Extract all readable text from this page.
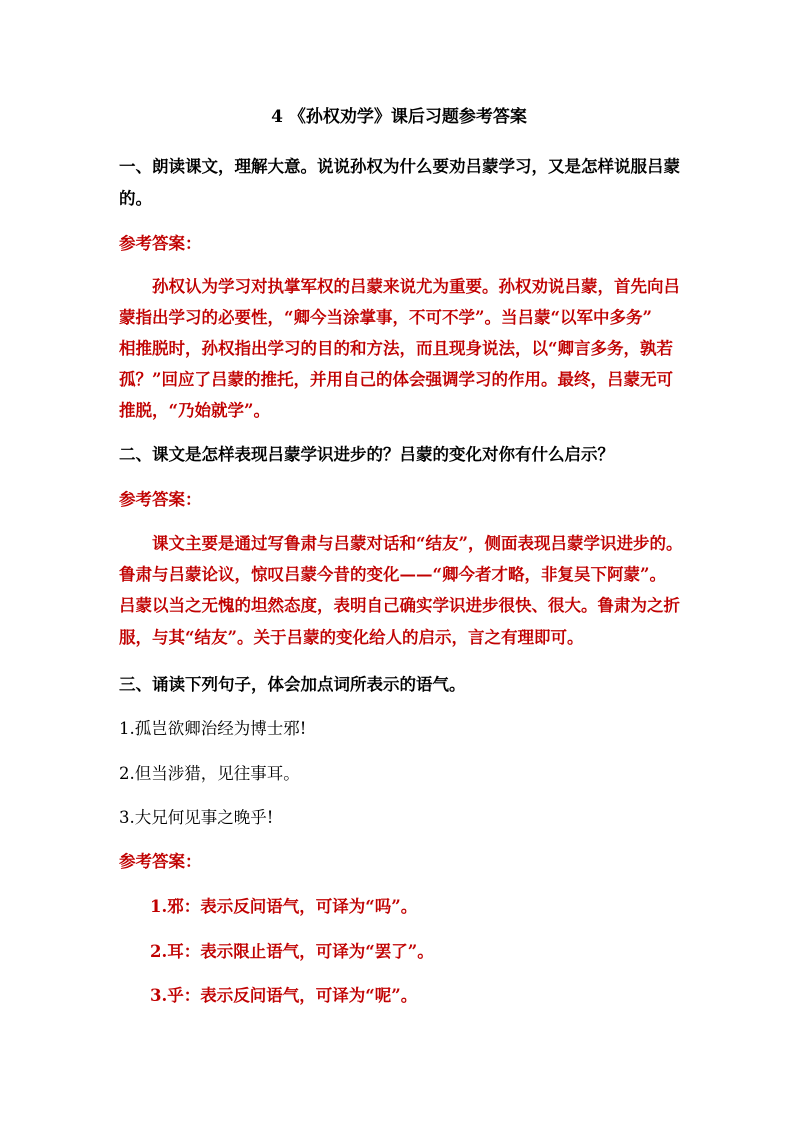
4 《孙权劝学》课后习题参考答案
一、朗读课文，理解大意。说说孙权为什么要劝吕蒙学习，又是怎样说服吕蒙
的。
参考答案：
孙权认为学习对执掌军权的吕蒙来说尤为重要。孙权劝说吕蒙，首先向吕
蒙指出学习的必要性，“卿今当涂掌事，不可不学”。当吕蒙“以军中多务”
相推脱时，孙权指出学习的目的和方法，而且现身说法，以“卿言多务，孰若
孤？”回应了吕蒙的推托，并用自己的体会强调学习的作用。最终，吕蒙无可
推脱，“乃始就学”。
二、课文是怎样表现吕蒙学识进步的？吕蒙的变化对你有什么启示？
参考答案：
课文主要是通过写鲁肃与吕蒙对话和“结友”，侧面表现吕蒙学识进步的。
鲁肃与吕蒙论议，惊叹吕蒙今昔的变化——“卿今者才略，非复吴下阿蒙”。
吕蒙以当之无愧的坦然态度，表明自己确实学识进步很快、很大。鲁肃为之折
服，与其“结友”。关于吕蒙的变化给人的启示，言之有理即可。
三、诵读下列句子，体会加点词所表示的语气。
1.孤岂欲卿治经为博士邪!
2.但当涉猎，见往事耳。
3.大兄何见事之晚乎!
参考答案：
1.邪：表示反问语气，可译为“吗”。
2.耳：表示限止语气，可译为“罢了”。
3.乎：表示反问语气，可译为“呢”。
